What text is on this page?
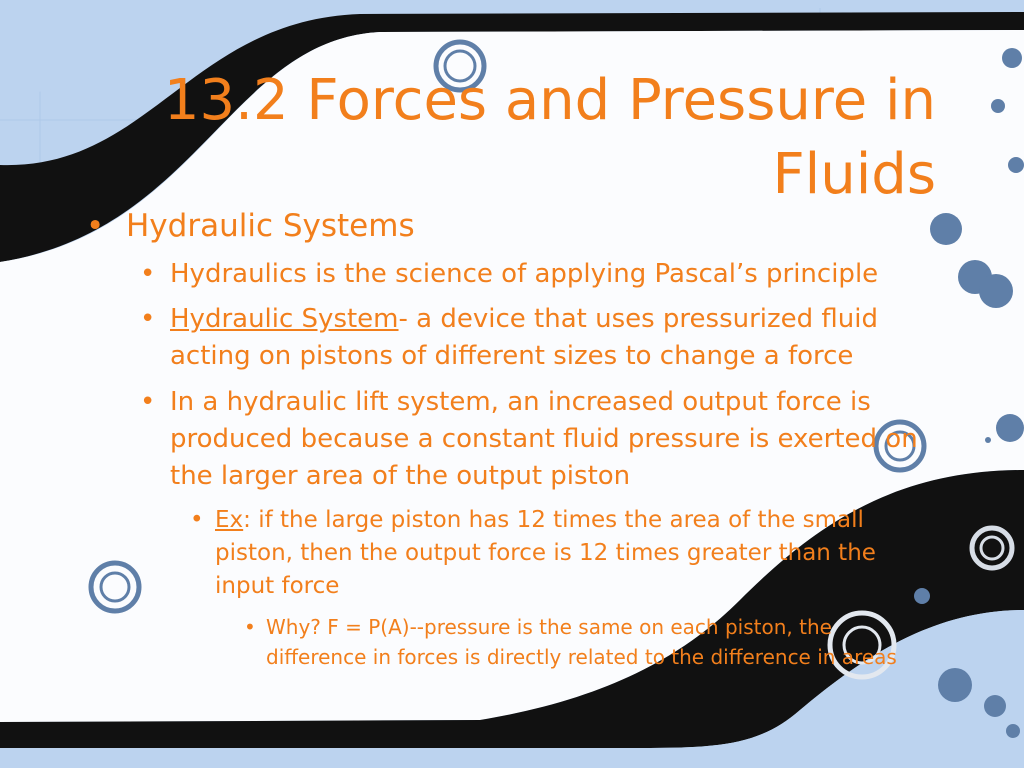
13.2 Forces and Pressure in Fluids
• Hydraulic Systems
• Hydraulics is the science of applying Pascal’s principle
• Hydraulic System- a device that uses pressurized fluid acting on pistons of different sizes to change a force
• In a hydraulic lift system, an increased output force is produced because a constant fluid pressure is exerted on the larger area of the output piston
• Ex: if the large piston has 12 times the area of the small piston, then the output force is 12 times greater than the input force
• Why? F = P(A)--pressure is the same on each piston, the difference in forces is directly related to the difference in areas
